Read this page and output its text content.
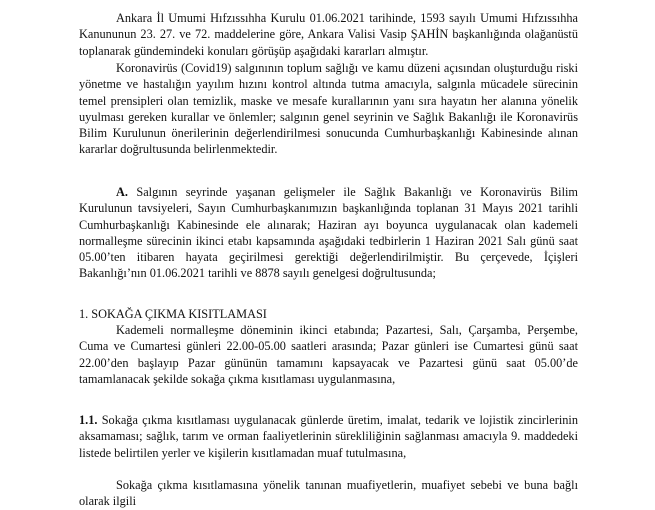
Ankara İl Umumi Hıfzıssıhha Kurulu 01.06.2021 tarihinde, 1593 sayılı Umumi Hıfzıssıhha Kanununun 23. 27. ve 72. maddelerine göre, Ankara Valisi Vasip ŞAHİN başkanlığında olağanüstü toplanarak gündemindeki konuları görüşüp aşağıdaki kararları almıştır.

Koronavirüs (Covid19) salgınının toplum sağlığı ve kamu düzeni açısından oluşturduğu riski yönetme ve hastalığın yayılım hızını kontrol altında tutma amacıyla, salgınla mücadele sürecinin temel prensipleri olan temizlik, maske ve mesafe kurallarının yanı sıra hayatın her alanına yönelik uyulması gereken kurallar ve önlemler; salgının genel seyrinin ve Sağlık Bakanlığı ile Koronavirüs Bilim Kurulunun önerilerinin değerlendirilmesi sonucunda Cumhurbaşkanlığı Kabinesinde alınan kararlar doğrultusunda belirlenmektedir.

A. Salgının seyrinde yaşanan gelişmeler ile Sağlık Bakanlığı ve Koronavirüs Bilim Kurulunun tavsiyeleri, Sayın Cumhurbaşkanımızın başkanlığında toplanan 31 Mayıs 2021 tarihli Cumhurbaşkanlığı Kabinesinde ele alınarak; Haziran ayı boyunca uygulanacak olan kademeli normalleşme sürecinin ikinci etabı kapsamında aşağıdaki tedbirlerin 1 Haziran 2021 Salı günü saat 05.00’ten itibaren hayata geçirilmesi gerektiği değerlendirilmiştir. Bu çerçevede, İçişleri Bakanlığı’nın 01.06.2021 tarihli ve 8878 sayılı genelgesi doğrultusunda;

1. SOKAĞA ÇIKMA KISITLAMASI

Kademeli normalleşme döneminin ikinci etabında; Pazartesi, Salı, Çarşamba, Perşembe, Cuma ve Cumartesi günleri 22.00-05.00 saatleri arasında; Pazar günleri ise Cumartesi günü saat 22.00’den başlayıp Pazar gününün tamamını kapsayacak ve Pazartesi günü saat 05.00’de tamamlanacak şekilde sokağa çıkma kısıtlaması uygulanmasına,

1.1. Sokağa çıkma kısıtlaması uygulanacak günlerde üretim, imalat, tedarik ve lojistik zincirlerinin aksamaması; sağlık, tarım ve orman faaliyetlerinin sürekliliğinin sağlanması amacıyla 9. maddedeki listede belirtilen yerler ve kişilerin kısıtlamadan muaf tutulmasına,

Sokağa çıkma kısıtlamasına yönelik tanınan muafiyetlerin, muafiyet sebebi ve buna bağlı olarak ilgili
